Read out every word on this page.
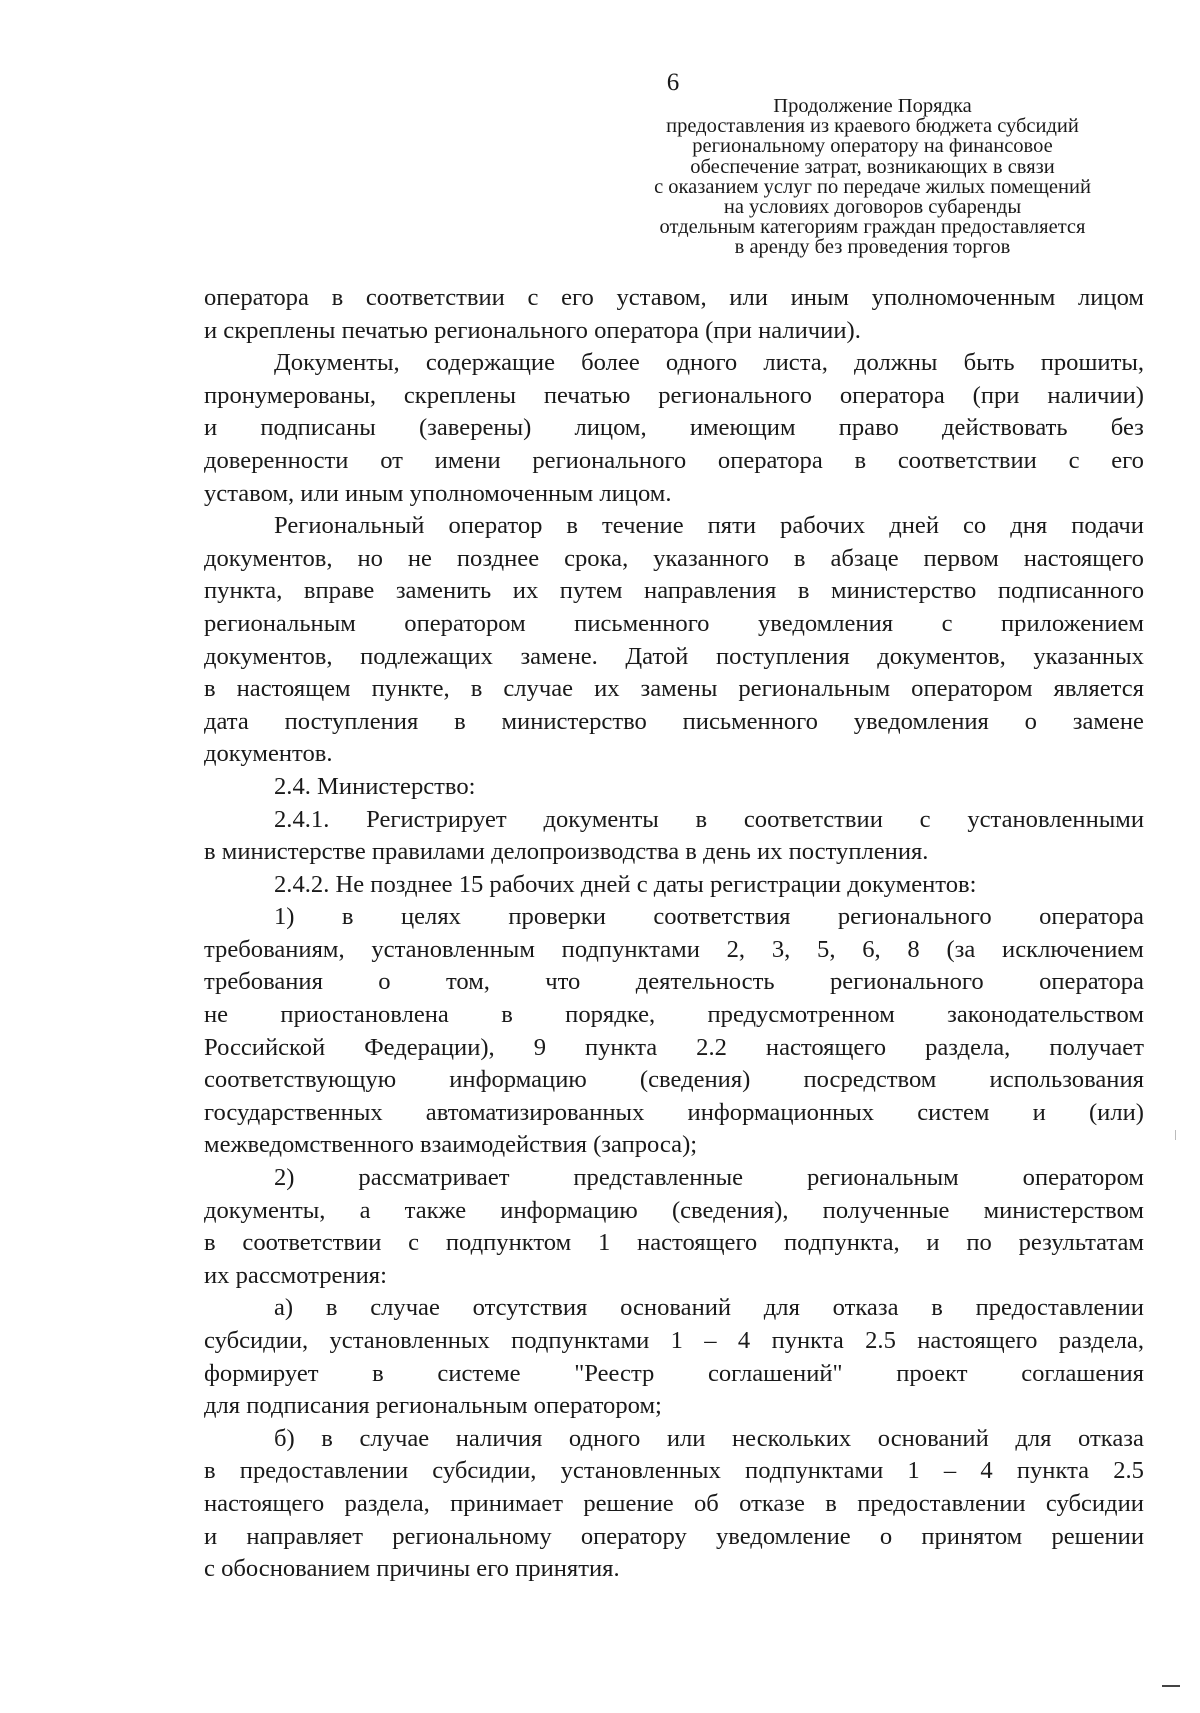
6
Продолжение Порядка
предоставления из краевого бюджета субсидий
региональному оператору на финансовое
обеспечение затрат, возникающих в связи
с оказанием услуг по передаче жилых помещений
на условиях договоров субаренды
отдельным категориям граждан предоставляется
в аренду без проведения торгов
оператора в соответствии с его уставом, или иным уполномоченным лицом
и скреплены печатью регионального оператора (при наличии).
Документы, содержащие более одного листа, должны быть прошиты,
пронумерованы, скреплены печатью регионального оператора (при наличии)
и подписаны (заверены) лицом, имеющим право действовать без
доверенности от имени регионального оператора в соответствии с его
уставом, или иным уполномоченным лицом.
Региональный оператор в течение пяти рабочих дней со дня подачи
документов, но не позднее срока, указанного в абзаце первом настоящего
пункта, вправе заменить их путем направления в министерство подписанного
региональным оператором письменного уведомления с приложением
документов, подлежащих замене. Датой поступления документов, указанных
в настоящем пункте, в случае их замены региональным оператором является
дата поступления в министерство письменного уведомления о замене
документов.
2.4. Министерство:
2.4.1. Регистрирует документы в соответствии с установленными
в министерстве правилами делопроизводства в день их поступления.
2.4.2. Не позднее 15 рабочих дней с даты регистрации документов:
1) в целях проверки соответствия регионального оператора
требованиям, установленным подпунктами 2, 3, 5, 6, 8 (за исключением
требования о том, что деятельность регионального оператора
не приостановлена в порядке, предусмотренном законодательством
Российской Федерации), 9 пункта 2.2 настоящего раздела, получает
соответствующую информацию (сведения) посредством использования
государственных автоматизированных информационных систем и (или)
межведомственного взаимодействия (запроса);
2)	рассматривает	представленные	региональным	оператором
документы, а также информацию (сведения), полученные министерством
в соответствии с подпунктом 1 настоящего подпункта, и по результатам
их рассмотрения:
а) в случае отсутствия оснований для отказа в предоставлении
субсидии, установленных подпунктами 1 – 4 пункта 2.5 настоящего раздела,
формирует в системе "Реестр соглашений" проект соглашения
для подписания региональным оператором;
б) в случае наличия одного или нескольких оснований для отказа
в предоставлении субсидии, установленных подпунктами 1 – 4 пункта 2.5
настоящего раздела, принимает решение об отказе в предоставлении субсидии
и направляет региональному оператору уведомление о принятом решении
с обоснованием причины его принятия.
